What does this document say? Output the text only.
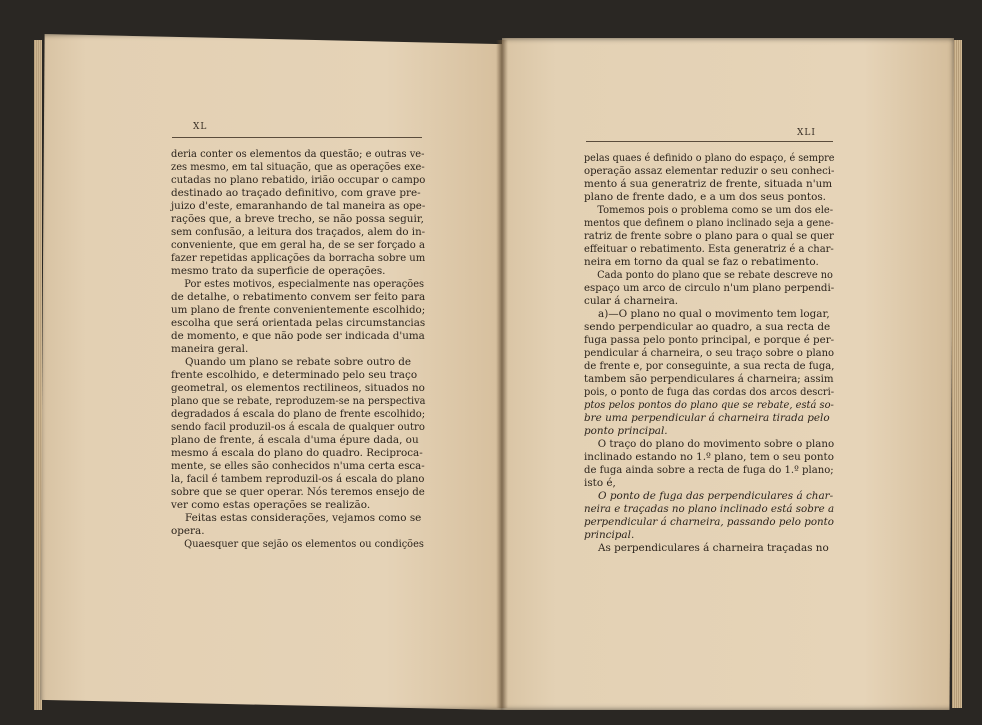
XL
deria conter os elementos da questão; e outras ve-
zes mesmo, em tal situação, que as operações exe-
cutadas no plano rebatido, irião occupar o campo
destinado ao traçado definitivo, com grave pre-
juizo d'este, emaranhando de tal maneira as ope-
rações que, a breve trecho, se não possa seguir,
sem confusão, a leitura dos traçados, alem do in-
conveniente, que em geral ha, de se ser forçado a
fazer repetidas applicações da borracha sobre um
mesmo trato da superficie de operações.
Por estes motivos, especialmente nas operações
de detalhe, o rebatimento convem ser feito para
um plano de frente convenientemente escolhido;
escolha que será orientada pelas circumstancias
de momento, e que não pode ser indicada d'uma
maneira geral.
Quando um plano se rebate sobre outro de
frente escolhido, e determinado pelo seu traço
geometral, os elementos rectilineos, situados no
plano que se rebate, reproduzem-se na perspectiva
degradados á escala do plano de frente escolhido;
sendo facil produzil-os á escala de qualquer outro
plano de frente, á escala d'uma épure dada, ou
mesmo á escala do plano do quadro. Reciproca-
mente, se elles são conhecidos n'uma certa esca-
la, facil é tambem reproduzil-os á escala do plano
sobre que se quer operar. Nós teremos ensejo de
ver como estas operações se realizão.
Feitas estas considerações, vejamos como se
opera.
Quaesquer que sejão os elementos ou condições
XLI
pelas quaes é definido o plano do espaço, é sempre
operação assaz elementar reduzir o seu conheci-
mento á sua generatriz de frente, situada n'um
plano de frente dado, e a um dos seus pontos.
Tomemos pois o problema como se um dos ele-
mentos que definem o plano inclinado seja a gene-
ratriz de frente sobre o plano para o qual se quer
effeituar o rebatimento. Esta generatriz é a char-
neira em torno da qual se faz o rebatimento.
Cada ponto do plano que se rebate descreve no
espaço um arco de circulo n'um plano perpendi-
cular á charneira.
a)—O plano no qual o movimento tem logar,
sendo perpendicular ao quadro, a sua recta de
fuga passa pelo ponto principal, e porque é per-
pendicular á charneira, o seu traço sobre o plano
de frente e, por conseguinte, a sua recta de fuga,
tambem são perpendiculares á charneira; assim
pois, o ponto de fuga das cordas dos arcos descri-
ptos pelos pontos do plano que se rebate, está so-
bre uma perpendicular á charneira tirada pelo
ponto principal.
O traço do plano do movimento sobre o plano
inclinado estando no 1.º plano, tem o seu ponto
de fuga ainda sobre a recta de fuga do 1.º plano;
isto é,
O ponto de fuga das perpendiculares á char-
neira e traçadas no plano inclinado está sobre a
perpendicular á charneira, passando pelo ponto
principal.
As perpendiculares á charneira traçadas no
